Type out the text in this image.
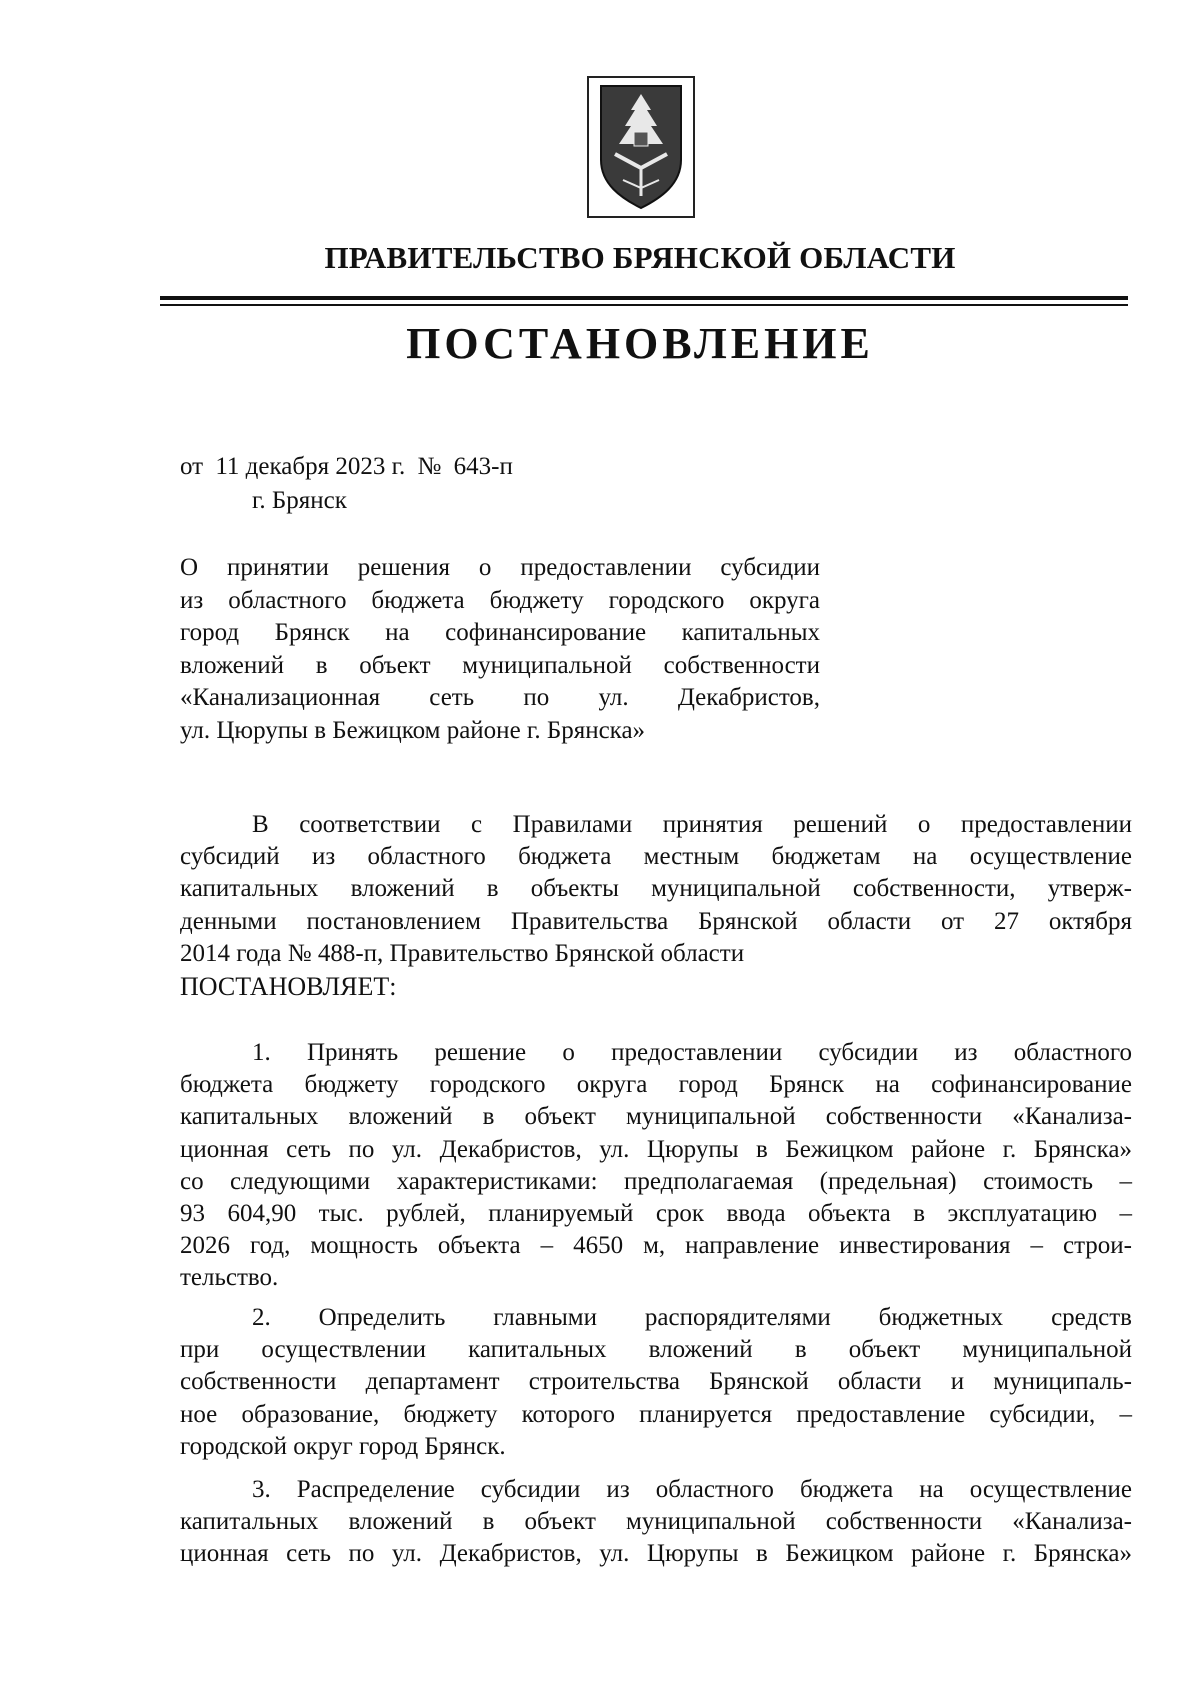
ПРАВИТЕЛЬСТВО БРЯНСКОЙ ОБЛАСТИ
ПОСТАНОВЛЕНИЕ
от 11 декабря 2023 г. № 643-п
г. Брянск
О принятии решения о предоставлении субсидии
из областного бюджета бюджету городского округа
город Брянск на софинансирование капитальных
вложений в объект муниципальной собственности
«Канализационная сеть по ул. Декабристов,
ул. Цюрупы в Бежицком районе г. Брянска»
В соответствии с Правилами принятия решений о предоставлении
субсидий из областного бюджета местным бюджетам на осуществление
капитальных вложений в объекты муниципальной собственности, утверж-
денными постановлением Правительства Брянской области от 27 октября
2014 года № 488-п, Правительство Брянской области
ПОСТАНОВЛЯЕТ:
1. Принять решение о предоставлении субсидии из областного
бюджета бюджету городского округа город Брянск на софинансирование
капитальных вложений в объект муниципальной собственности «Канализа-
ционная сеть по ул. Декабристов, ул. Цюрупы в Бежицком районе г. Брянска»
со следующими характеристиками: предполагаемая (предельная) стоимость –
93 604,90 тыс. рублей, планируемый срок ввода объекта в эксплуатацию –
2026 год, мощность объекта – 4650 м, направление инвестирования – строи-
тельство.
2. Определить главными распорядителями бюджетных средств
при осуществлении капитальных вложений в объект муниципальной
собственности департамент строительства Брянской области и муниципаль-
ное образование, бюджету которого планируется предоставление субсидии, –
городской округ город Брянск.
3. Распределение субсидии из областного бюджета на осуществление
капитальных вложений в объект муниципальной собственности «Канализа-
ционная сеть по ул. Декабристов, ул. Цюрупы в Бежицком районе г. Брянска»
